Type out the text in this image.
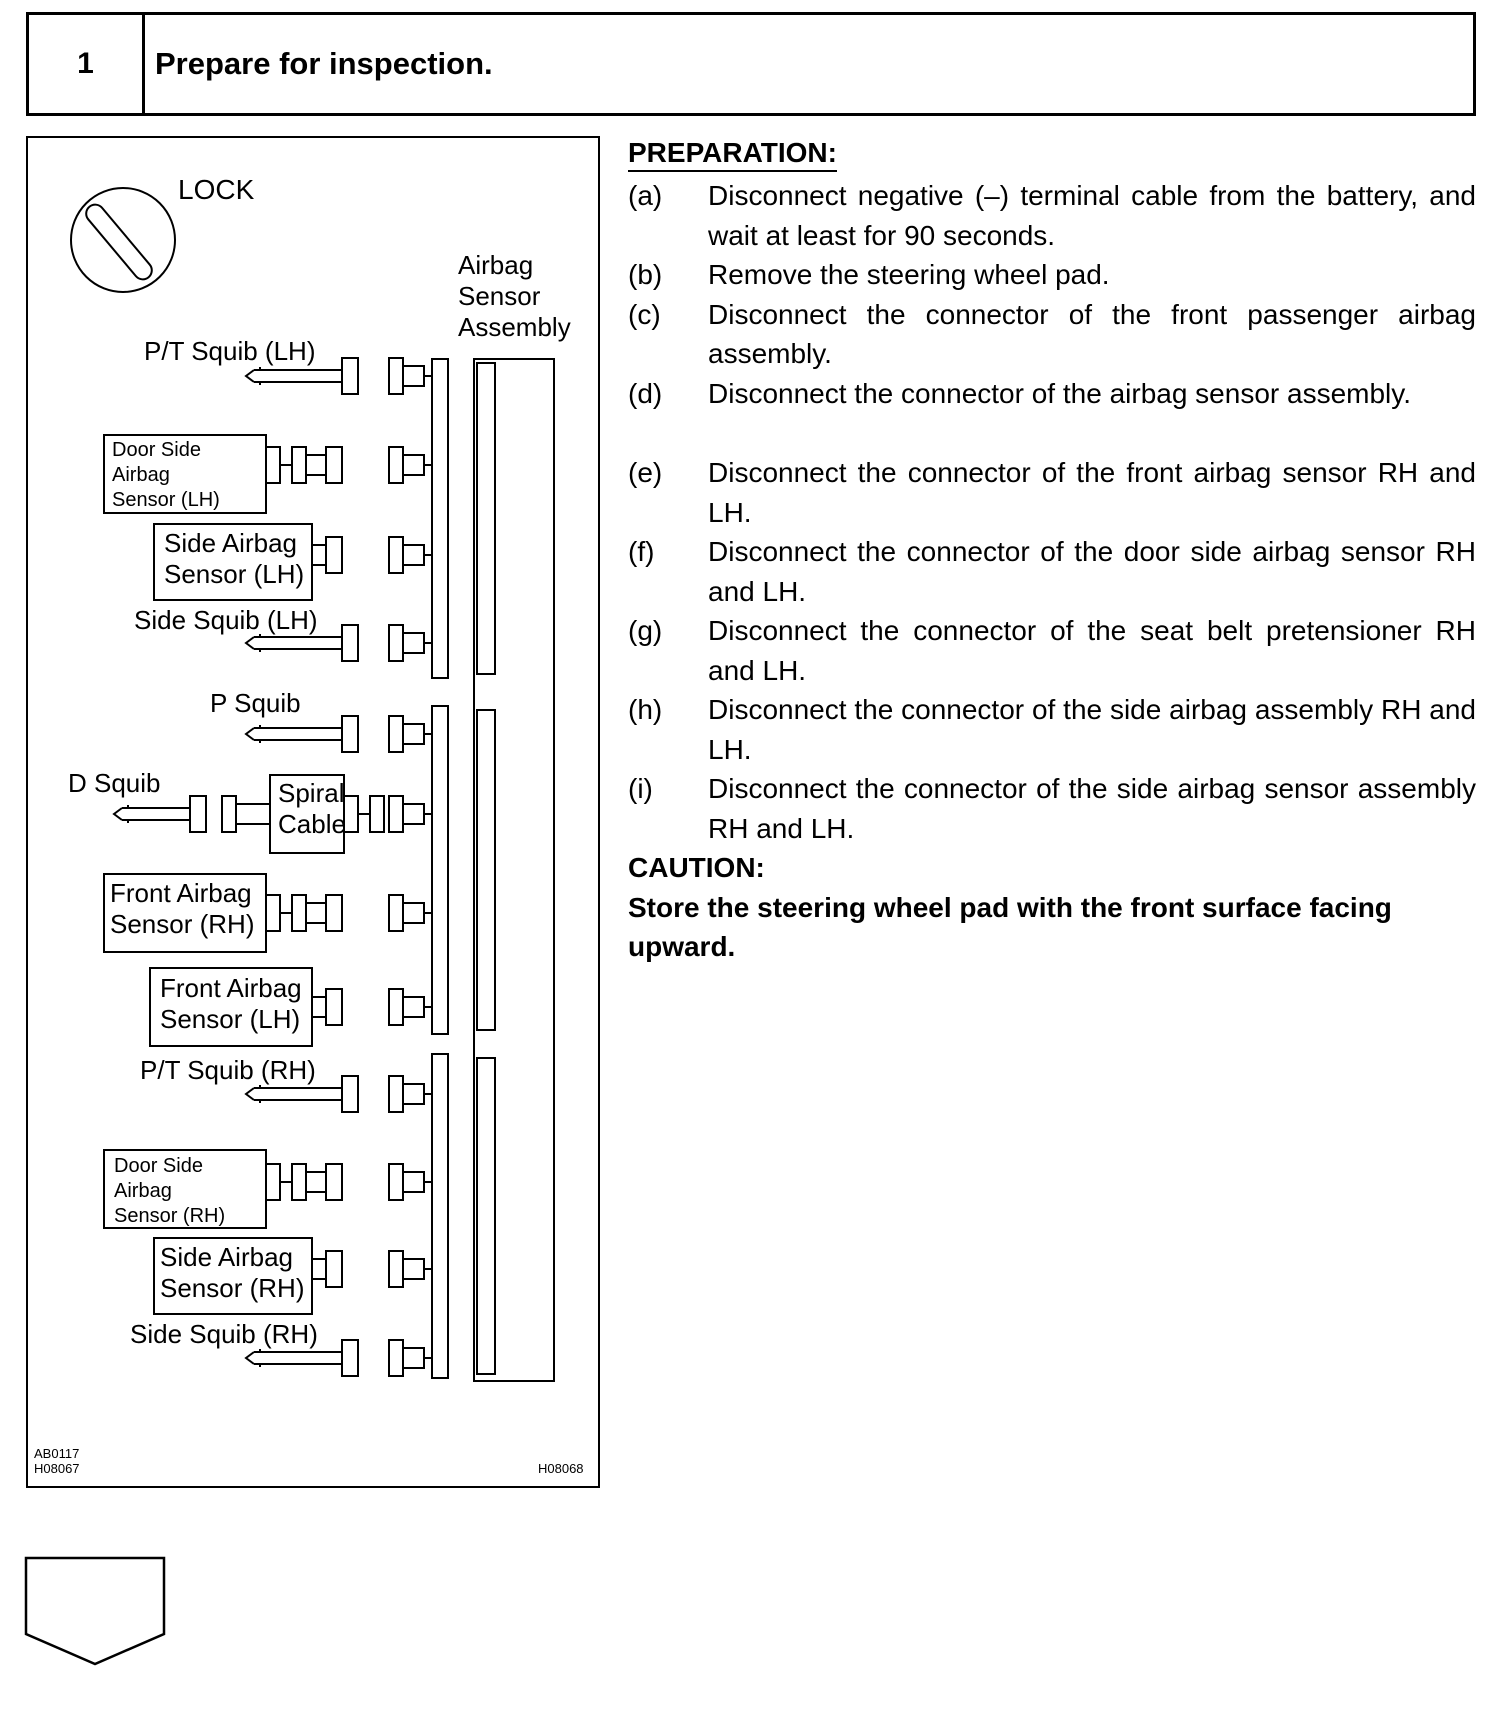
1	Prepare for inspection.
LOCK
Airbag
Sensor
Assembly
P/T Squib (LH)
Door Side
Airbag
Sensor (LH)
Side Airbag
Sensor (LH)
Side Squib (LH)
P Squib
D Squib	Spiral
Cable
Front Airbag
Sensor (RH)
Front Airbag
Sensor (LH)
P/T Squib (RH)
Door Side
Airbag
Sensor (RH)
Side Airbag
Sensor (RH)
Side Squib (RH)
AB0117
H08067	H08068
PREPARATION:
(a)	Disconnect negative (–) terminal cable from the battery, and wait at least for 90 seconds.
(b)	Remove the steering wheel pad.
(c)	Disconnect the connector of the front passenger airbag assembly.
(d)	Disconnect the connector of the airbag sensor assembly.
(e)	Disconnect the connector of the front airbag sensor RH and LH.
(f)	Disconnect the connector of the door side airbag sensor RH and LH.
(g)	Disconnect the connector of the seat belt pretensioner RH and LH.
(h)	Disconnect the connector of the side airbag assembly RH and LH.
(i)	Disconnect the connector of the side airbag sensor assembly RH and LH.
CAUTION:
Store the steering wheel pad with the front surface facing upward.
